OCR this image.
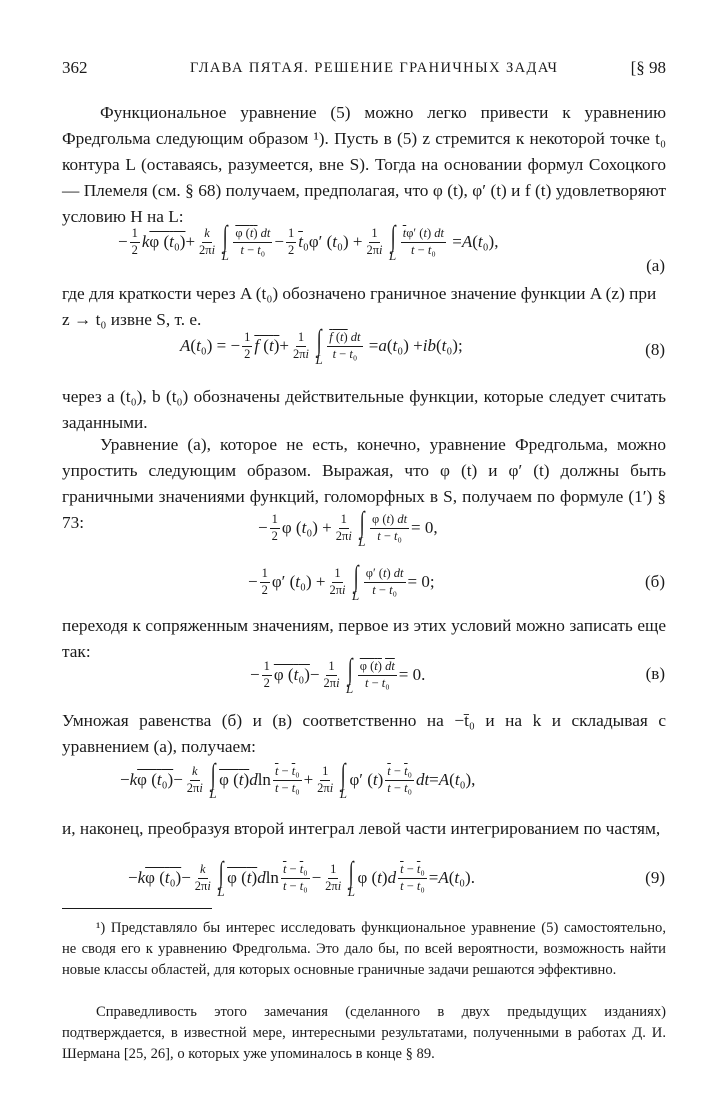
362	ГЛАВА ПЯТАЯ. РЕШЕНИЕ ГРАНИЧНЫХ ЗАДАЧ	[§ 98
Функциональное уравнение (5) можно легко привести к уравнению Фредгольма следующим образом ¹). Пусть в (5) z стремится к некоторой точке t₀ контура L (оставаясь, разумеется, вне S). Тогда на основании формул Сохоцкого — Племеля (см. § 68) получаем, предполагая, что φ (t), φ′ (t) и f (t) удовлетворяют условию H на L:
− $\frac{1}{2}$ k φ $(t_0) + \frac{k}{2\pi i}$ ∫
L $\frac{\varphi (t) dt}{\text{t − t₀}} - \frac{1}{2} \overline{t}$ ₀φ′ ( t $_0) + \frac{1}{2\pi i}$ ∫
L $\frac{\overline{t}\varphi' (t) dt}{\text{t − t₀}} = A$ ( t ₀),
(а)
где для краткости через A (t₀) обозначено граничное значение функции A (z) при z → t₀ извне S, т. е.
A ( t ₀) = − $\frac{1}{2}$ f $(t) + \frac{1}{2\pi i}$ ∫
L $\frac{f (t) dt}{\text{t − t₀}} = a$ ( t ₀) + ib ( t ₀);	(8)
через a (t₀), b (t₀) обозначены действительные функции, которые следует считать заданными.
Уравнение (а), которое не есть, конечно, уравнение Фредгольма, можно упростить следующим образом. Выражая, что φ (t) и φ′ (t) должны быть граничными значениями функций, голоморфных в S, получаем по формуле (1′) § 73:	− $\frac{1}{2}$ φ ( t $_0) + \frac{1}{2\pi i}$ ∫
L $\frac{\varphi (t) dt}{\text{t − t₀}} = 0$,
− $\frac{1}{2} \varphi'$ ( t $_0) + \frac{1}{2\pi i}$ ∫
L $\frac{\varphi' (t) dt}{\text{t − t₀}} = 0$;	(б)
переходя к сопряженным значениям, первое из этих условий можно записать еще так:
− $\frac{1}{2}$ φ $(t_0) - \frac{1}{2\pi i}$ ∫
L $\frac{\varphi (t) \overline{dt}}{\overline{t} - \overline{t}_0} = 0$.	(в)
Умножая равенства (б) и (в) соответственно на −t̄₀ и на k и складывая с уравнением (а), получаем:
− k φ $(t_0) - \frac{k}{2\pi i}$ ∫
L
φ (t) d $\ln \frac{\overline{t} - \overline{t}_0}{\text{t − t₀}} + \frac{1}{2\pi i}$ ∫
L
φ′ ( t ) $\frac{\overline{t} - \overline{t}_0}{\text{t − t₀}}$ dt = A ( t ₀),
и, наконец, преобразуя второй интеграл левой части интегрированием по частям,
− k φ $(t_0) - \frac{k}{2\pi i}$ ∫
L
φ (t) d $\ln \frac{\overline{t} - \overline{t}_0}{\text{t − t₀}} - \frac{1}{2\pi i}$ ∫
L
φ ( t ) d $\frac{\overline{t} - \overline{t}_0}{\text{t − t₀}} = A$ ( t ₀).	(9)
¹) Представляло бы интерес исследовать функциональное уравнение (5) самостоятельно, не сводя его к уравнению Фредгольма. Это дало бы, по всей вероятности, возможность найти новые классы областей, для которых основные граничные задачи решаются эффективно.
Справедливость этого замечания (сделанного в двух предыдущих изданиях) подтверждается, в известной мере, интересными результатами, полученными в работах Д. И. Шермана [25, 26], о которых уже упоминалось в конце § 89.
